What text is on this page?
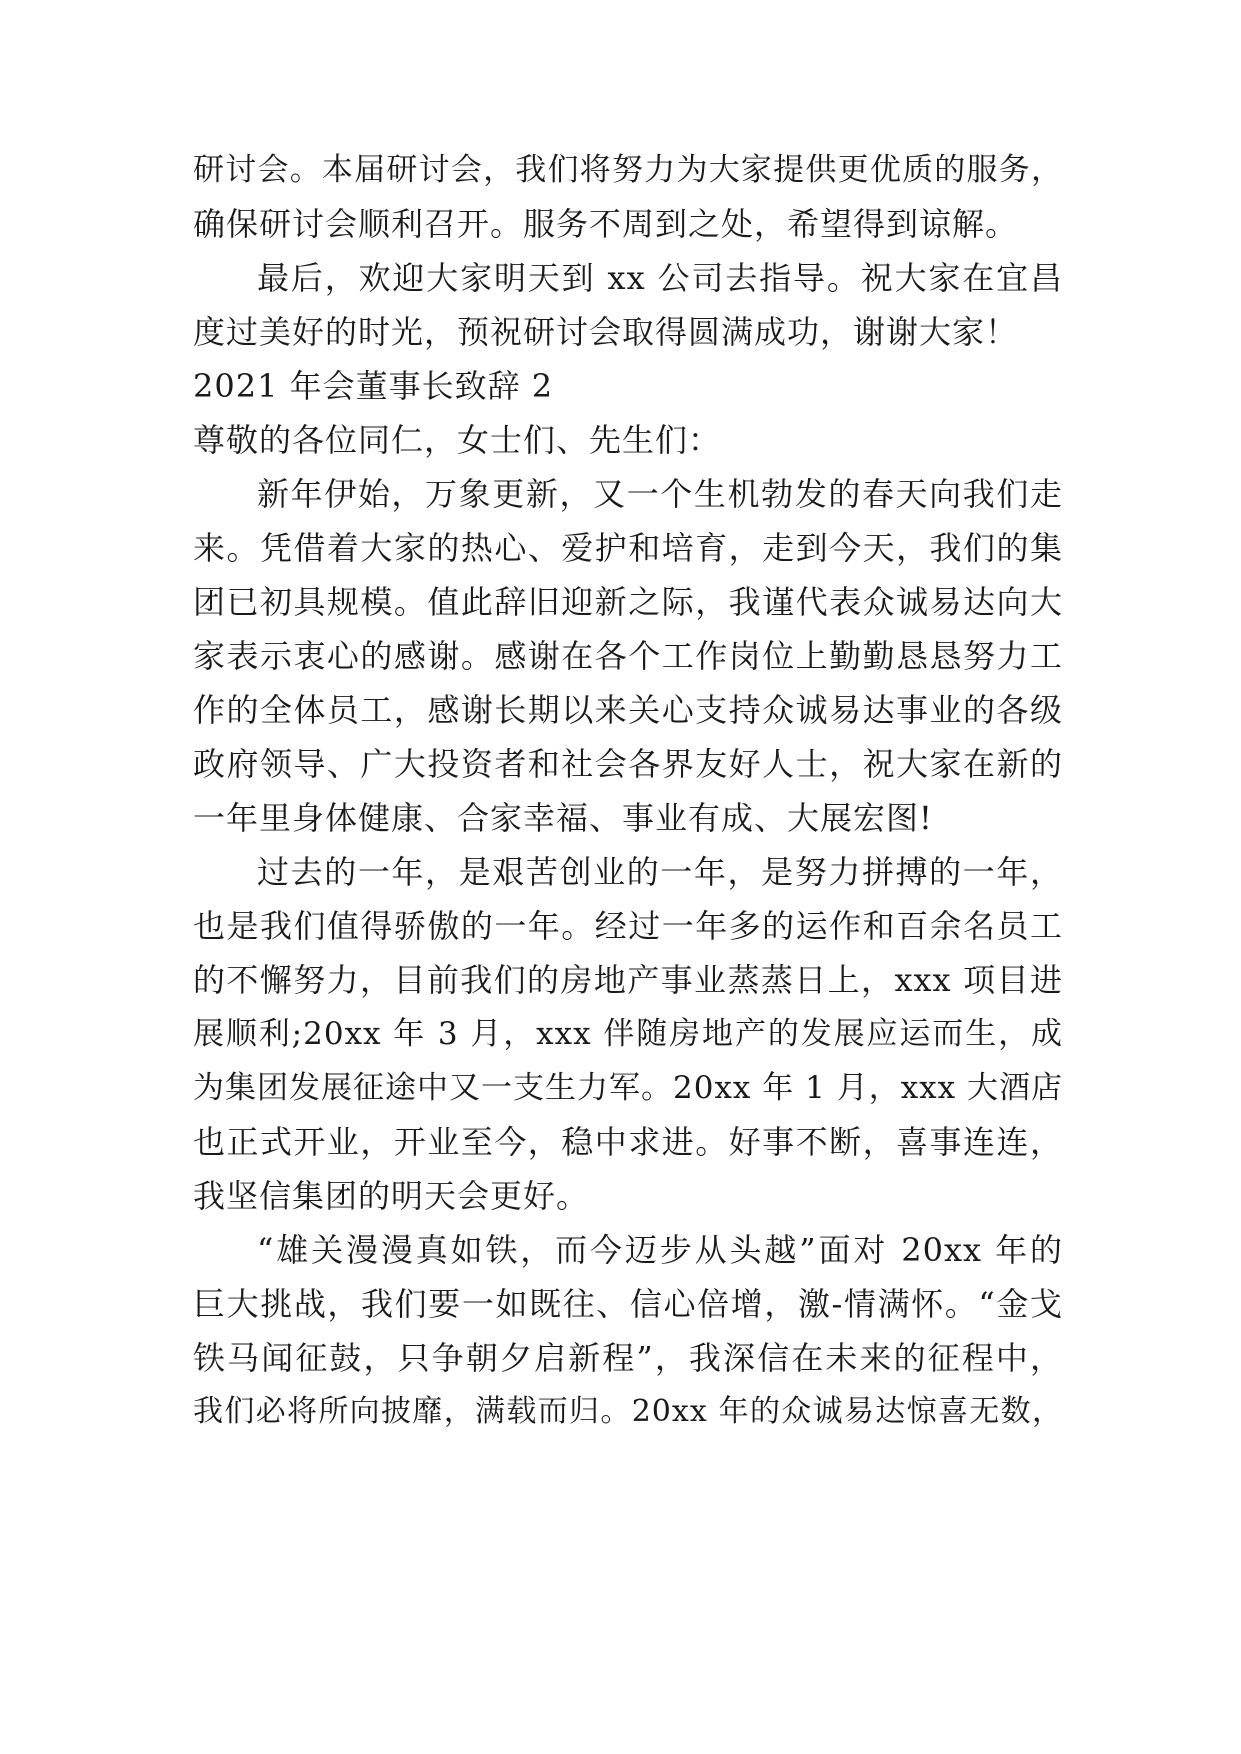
研讨会。本届研讨会，我们将努力为大家提供更优质的服务，
确保研讨会顺利召开。服务不周到之处，希望得到谅解。
最后，欢迎大家明天到 xx 公司去指导。祝大家在宜昌
度过美好的时光，预祝研讨会取得圆满成功，谢谢大家！
2021 年会董事长致辞 2
尊敬的各位同仁，女士们、先生们：
新年伊始，万象更新，又一个生机勃发的春天向我们走
来。凭借着大家的热心、爱护和培育，走到今天，我们的集
团已初具规模。值此辞旧迎新之际，我谨代表众诚易达向大
家表示衷心的感谢。感谢在各个工作岗位上勤勤恳恳努力工
作的全体员工，感谢长期以来关心支持众诚易达事业的各级
政府领导、广大投资者和社会各界友好人士，祝大家在新的
一年里身体健康、合家幸福、事业有成、大展宏图!
过去的一年，是艰苦创业的一年，是努力拼搏的一年，
也是我们值得骄傲的一年。经过一年多的运作和百余名员工
的不懈努力，目前我们的房地产事业蒸蒸日上，xxx 项目进
展顺利;20xx 年 3 月，xxx 伴随房地产的发展应运而生，成
为集团发展征途中又一支生力军。20xx 年 1 月，xxx 大酒店
也正式开业，开业至今，稳中求进。好事不断，喜事连连，
我坚信集团的明天会更好。
“雄关漫漫真如铁，而今迈步从头越”面对 20xx 年的
巨大挑战，我们要一如既往、信心倍增，激-情满怀。“金戈
铁马闻征鼓，只争朝夕启新程”，我深信在未来的征程中，
我们必将所向披靡，满载而归。20xx 年的众诚易达惊喜无数，
